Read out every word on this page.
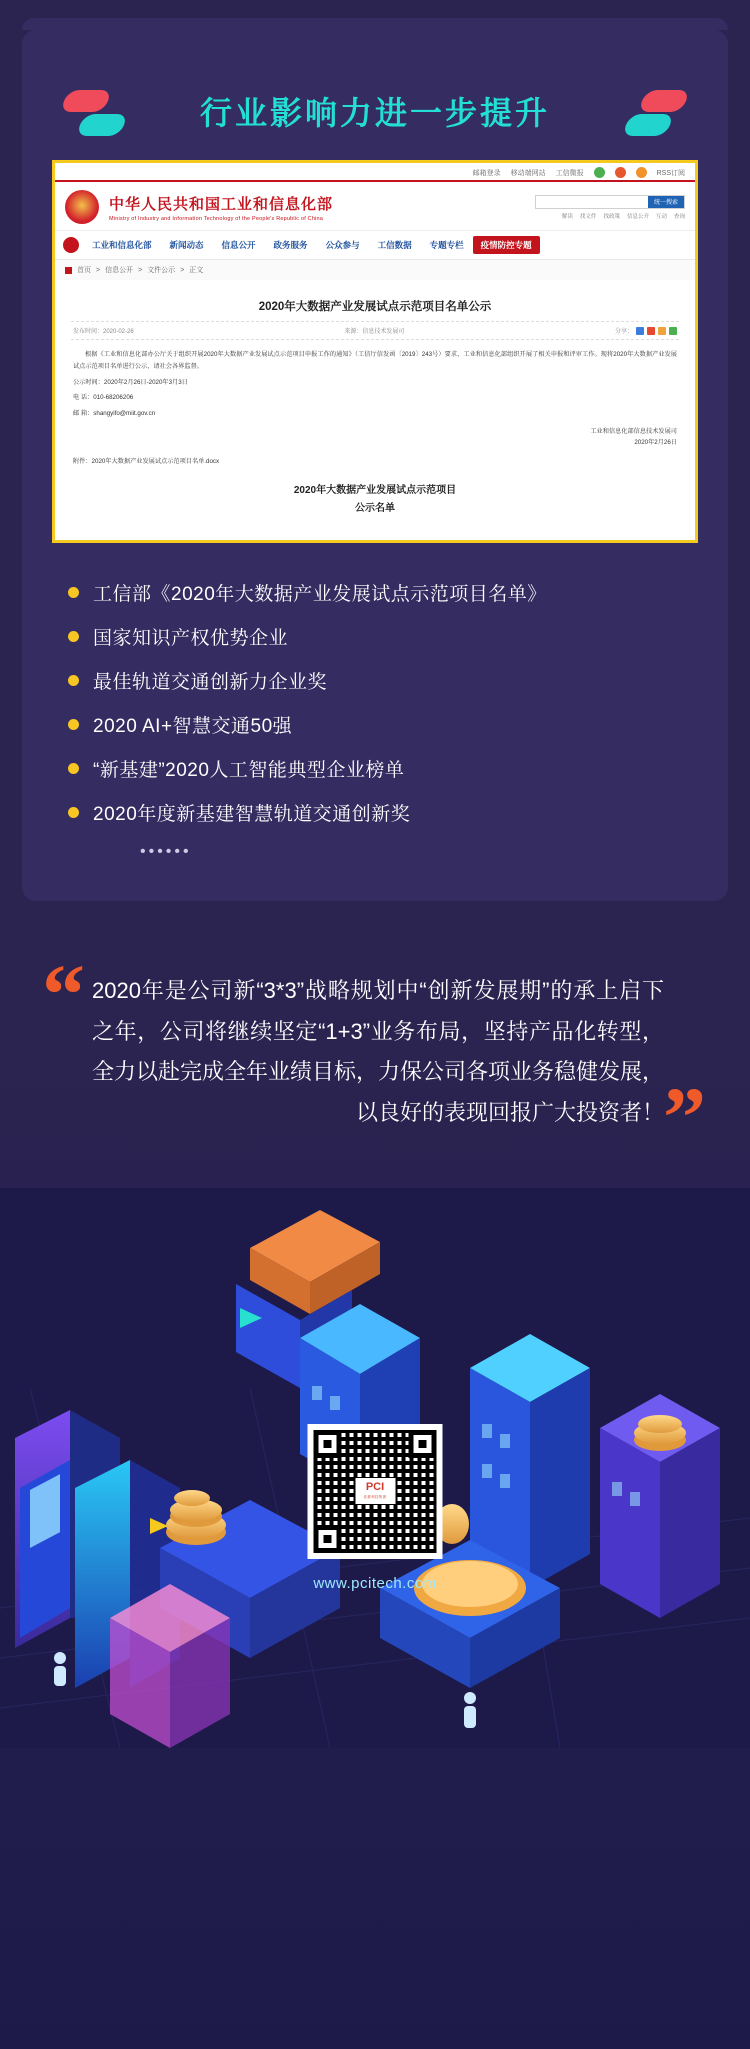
行业影响力进一步提升
邮箱登录 移动端网站 工信微报	RSS订阅
中华人民共和国工业和信息化部
Ministry of Industry and Information Technology of the People's Republic of China
统一搜索
解读 找文件 找政策 信息公开 互动 查询
工业和信息化部	新闻动态	信息公开	政务服务	公众参与	工信数据	专题专栏	疫情防控专题
首页 > 信息公开 > 文件公示 > 正文
2020年大数据产业发展试点示范项目名单公示
发布时间：2020-02-26	来源：信息技术发展司	分享：

根据《工业和信息化部办公厅关于组织开展2020年大数据产业发展试点示范项目申报工作的通知》（工信厅信发函〔2019〕243号）要求，工业和信息化部组织开展了相关申报和评审工作。现将2020年大数据产业发展试点示范项目名单进行公示，请社会各界监督。

公示时间：2020年2月26日-2020年3月3日

电 话：010-68206206

邮 箱：shangyifo@miit.gov.cn

工业和信息化部信息技术发展司
2020年2月26日
附件：2020年大数据产业发展试点示范项目名单.docx
2020年大数据产业发展试点示范项目
公示名单
工信部《2020年大数据产业发展试点示范项目名单》
国家知识产权优势企业
最佳轨道交通创新力企业奖
2020 AI+智慧交通50强
“新基建”2020人工智能典型企业榜单
2020年度新基建智慧轨道交通创新奖
••••••
“ 2020年是公司新“3*3”战略规划中“创新发展期”的承上启下之年，公司将继续坚定“1+3”业务布局，坚持产品化转型，全力以赴完成全年业绩目标，力保公司各项业务稳健发展，以良好的表现回报广大投资者！ ”
PCI
佳都科技集团
www.pcitech.com
